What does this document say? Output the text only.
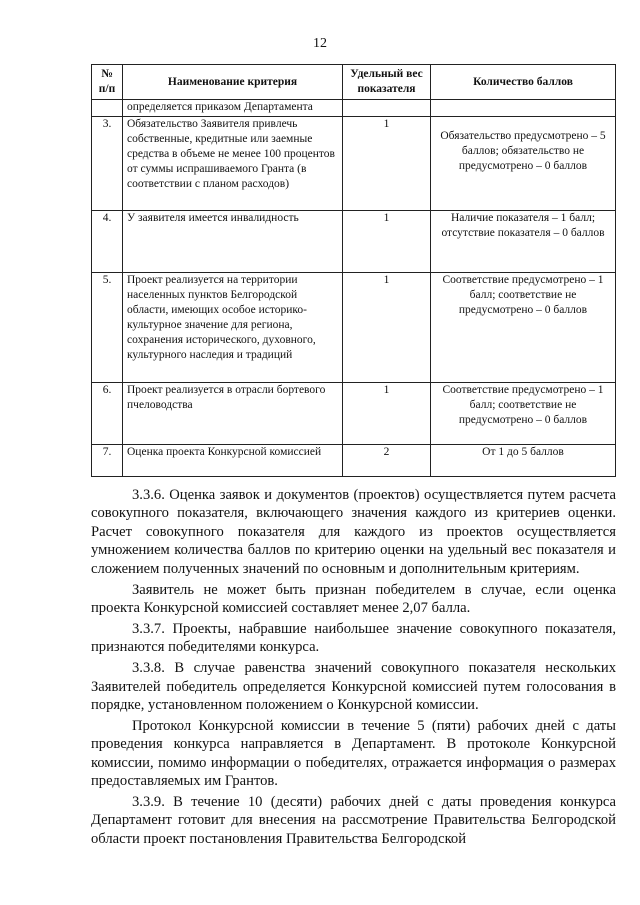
12
№ п/п	Наименование критерия	Удельный вес показателя	Количество баллов
	определяется приказом Департамента		
3.	Обязательство Заявителя привлечь собственные, кредитные или заемные средства в объеме не менее 100 процентов от суммы испрашиваемого Гранта (в соответствии с планом расходов)	1	Обязательство предусмотрено – 5 баллов; обязательство не предусмотрено – 0 баллов
4.	У заявителя имеется инвалидность	1	Наличие показателя – 1 балл; отсутствие показателя – 0 баллов
5.	Проект реализуется на территории населенных пунктов Белгородской области, имеющих особое историко-культурное значение для региона, сохранения исторического, духовного, культурного наследия и традиций	1	Соответствие предусмотрено – 1 балл; соответствие не предусмотрено – 0 баллов
6.	Проект реализуется в отрасли бортевого пчеловодства	1	Соответствие предусмотрено – 1 балл; соответствие не предусмотрено – 0 баллов
7.	Оценка проекта Конкурсной комиссией	2	От 1 до 5 баллов

3.3.6. Оценка заявок и документов (проектов) осуществляется путем расчета совокупного показателя, включающего значения каждого из критериев оценки. Расчет совокупного показателя для каждого из проектов осуществляется умножением количества баллов по критерию оценки на удельный вес показателя и сложением полученных значений по основным и дополнительным критериям.

Заявитель не может быть признан победителем в случае, если оценка проекта Конкурсной комиссией составляет менее 2,07 балла.

3.3.7. Проекты, набравшие наибольшее значение совокупного показателя, признаются победителями конкурса.

3.3.8. В случае равенства значений совокупного показателя нескольких Заявителей победитель определяется Конкурсной комиссией путем голосования в порядке, установленном положением о Конкурсной комиссии.

Протокол Конкурсной комиссии в течение 5 (пяти) рабочих дней с даты проведения конкурса направляется в Департамент. В протоколе Конкурсной комиссии, помимо информации о победителях, отражается информация о размерах предоставляемых им Грантов.

3.3.9. В течение 10 (десяти) рабочих дней с даты проведения конкурса Департамент готовит для внесения на рассмотрение Правительства Белгородской области проект постановления Правительства Белгородской
